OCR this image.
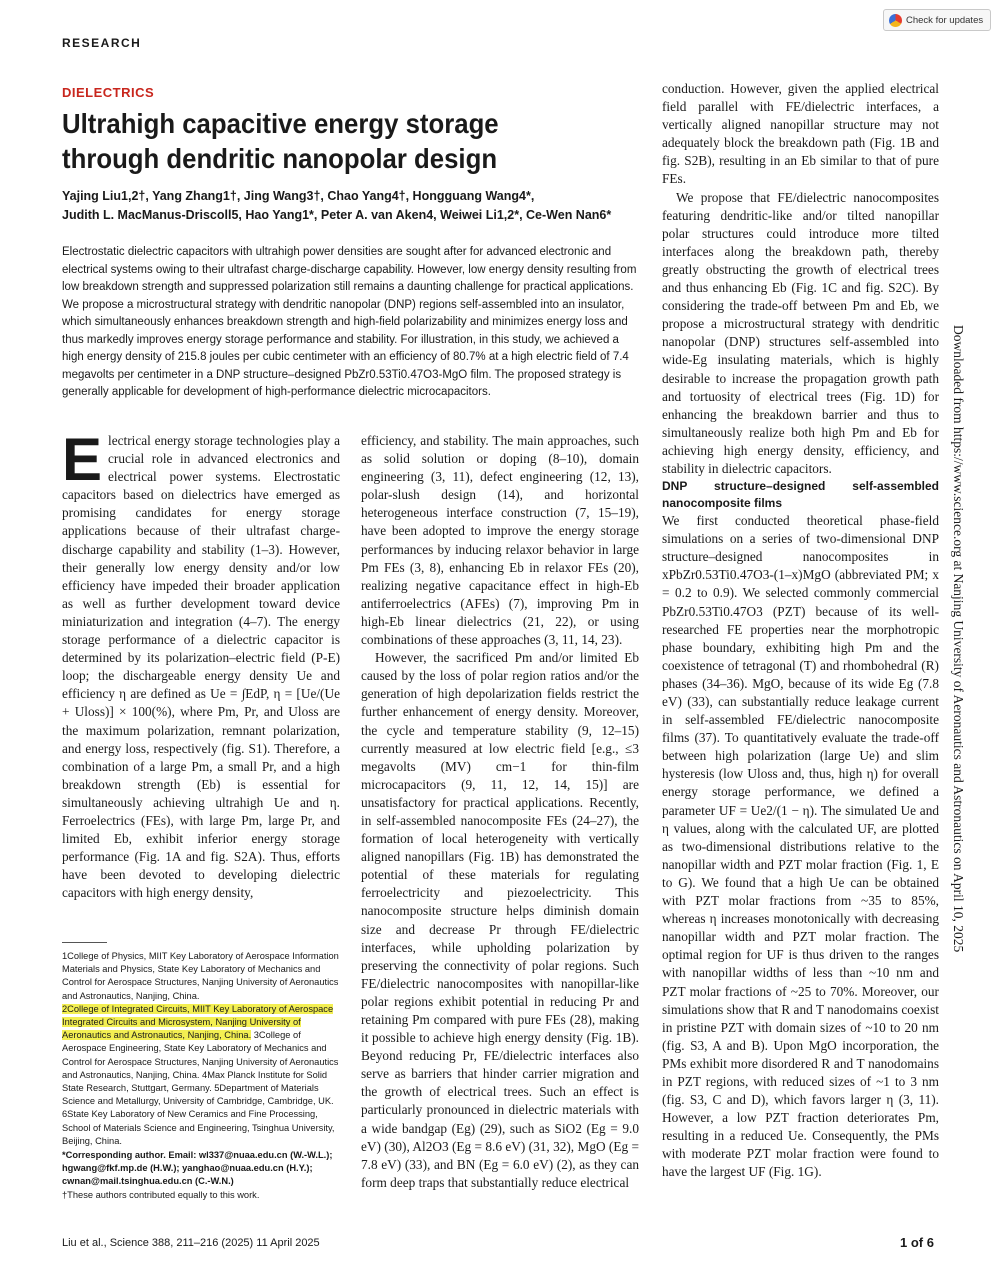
RESEARCH
Check for updates
DIELECTRICS
Ultrahigh capacitive energy storage through dendritic nanopolar design
Yajing Liu1,2†, Yang Zhang1†, Jing Wang3†, Chao Yang4†, Hongguang Wang4*,
Judith L. MacManus-Driscoll5, Hao Yang1*, Peter A. van Aken4, Weiwei Li1,2*, Ce-Wen Nan6*
Electrostatic dielectric capacitors with ultrahigh power densities are sought after for advanced electronic and electrical systems owing to their ultrafast charge-discharge capability. However, low energy density resulting from low breakdown strength and suppressed polarization still remains a daunting challenge for practical applications. We propose a microstructural strategy with dendritic nanopolar (DNP) regions self-assembled into an insulator, which simultaneously enhances breakdown strength and high-field polarizability and minimizes energy loss and thus markedly improves energy storage performance and stability. For illustration, in this study, we achieved a high energy density of 215.8 joules per cubic centimeter with an efficiency of 80.7% at a high electric field of 7.4 megavolts per centimeter in a DNP structure–designed PbZr0.53Ti0.47O3-MgO film. The proposed strategy is generally applicable for development of high-performance dielectric microcapacitors.

Electrical energy storage technologies play a crucial role in advanced electronics and electrical power systems. Electrostatic capacitors based on dielectrics have emerged as promising candidates for energy storage applications because of their ultrafast charge-discharge capability and stability (1–3). However, their generally low energy density and/or low efficiency have impeded their broader application as well as further development toward device miniaturization and integration (4–7). The energy storage performance of a dielectric capacitor is determined by its polarization–electric field (P-E) loop; the dischargeable energy density Ue and efficiency η are defined as Ue = ∫EdP, η = [Ue/(Ue + Uloss)] × 100(%), where Pm, Pr, and Uloss are the maximum polarization, remnant polarization, and energy loss, respectively (fig. S1). Therefore, a combination of a large Pm, a small Pr, and a high breakdown strength (Eb) is essential for simultaneously achieving ultrahigh Ue and η. Ferroelectrics (FEs), with large Pm, large Pr, and limited Eb, exhibit inferior energy storage performance (Fig. 1A and fig. S2A). Thus, efforts have been devoted to developing dielectric capacitors with high energy density,

efficiency, and stability. The main approaches, such as solid solution or doping (8–10), domain engineering (3, 11), defect engineering (12, 13), polar-slush design (14), and horizontal heterogeneous interface construction (7, 15–19), have been adopted to improve the energy storage performances by inducing relaxor behavior in large Pm FEs (3, 8), enhancing Eb in relaxor FEs (20), realizing negative capacitance effect in high-Eb antiferroelectrics (AFEs) (7), improving Pm in high-Eb linear dielectrics (21, 22), or using combinations of these approaches (3, 11, 14, 23).

However, the sacrificed Pm and/or limited Eb caused by the loss of polar region ratios and/or the generation of high depolarization fields restrict the further enhancement of energy density. Moreover, the cycle and temperature stability (9, 12–15) currently measured at low electric field [e.g., ≤3 megavolts (MV) cm−1 for thin-film microcapacitors (9, 11, 12, 14, 15)] are unsatisfactory for practical applications. Recently, in self-assembled nanocomposite FEs (24–27), the formation of local heterogeneity with vertically aligned nanopillars (Fig. 1B) has demonstrated the potential of these materials for regulating ferroelectricity and piezoelectricity. This nanocomposite structure helps diminish domain size and decrease Pr through FE/dielectric interfaces, while upholding polarization by preserving the connectivity of polar regions. Such FE/dielectric nanocomposites with nanopillar-like polar regions exhibit potential in reducing Pr and retaining Pm compared with pure FEs (28), making it possible to achieve high energy density (Fig. 1B). Beyond reducing Pr, FE/dielectric interfaces also serve as barriers that hinder carrier migration and the growth of electrical trees. Such an effect is particularly pronounced in dielectric materials with a wide bandgap (Eg) (29), such as SiO2 (Eg = 9.0 eV) (30), Al2O3 (Eg = 8.6 eV) (31, 32), MgO (Eg = 7.8 eV) (33), and BN (Eg = 6.0 eV) (2), as they can form deep traps that substantially reduce electrical

conduction. However, given the applied electrical field parallel with FE/dielectric interfaces, a vertically aligned nanopillar structure may not adequately block the breakdown path (Fig. 1B and fig. S2B), resulting in an Eb similar to that of pure FEs.

We propose that FE/dielectric nanocomposites featuring dendritic-like and/or tilted nanopillar polar structures could introduce more tilted interfaces along the breakdown path, thereby greatly obstructing the growth of electrical trees and thus enhancing Eb (Fig. 1C and fig. S2C). By considering the trade-off between Pm and Eb, we propose a microstructural strategy with dendritic nanopolar (DNP) structures self-assembled into wide-Eg insulating materials, which is highly desirable to increase the propagation growth path and tortuosity of electrical trees (Fig. 1D) for enhancing the breakdown barrier and thus to simultaneously realize both high Pm and Eb for achieving high energy density, efficiency, and stability in dielectric capacitors.

DNP structure–designed self-assembled nanocomposite films

We first conducted theoretical phase-field simulations on a series of two-dimensional DNP structure–designed nanocomposites in xPbZr0.53Ti0.47O3-(1–x)MgO (abbreviated PM; x = 0.2 to 0.9). We selected commonly commercial PbZr0.53Ti0.47O3 (PZT) because of its well-researched FE properties near the morphotropic phase boundary, exhibiting high Pm and the coexistence of tetragonal (T) and rhombohedral (R) phases (34–36). MgO, because of its wide Eg (7.8 eV) (33), can substantially reduce leakage current in self-assembled FE/dielectric nanocomposite films (37). To quantitatively evaluate the trade-off between high polarization (large Ue) and slim hysteresis (low Uloss and, thus, high η) for overall energy storage performance, we defined a parameter UF = Ue2/(1 − η). The simulated Ue and η values, along with the calculated UF, are plotted as two-dimensional distributions relative to the nanopillar width and PZT molar fraction (Fig. 1, E to G). We found that a high Ue can be obtained with PZT molar fractions from ~35 to 85%, whereas η increases monotonically with decreasing nanopillar width and PZT molar fraction. The optimal region for UF is thus driven to the ranges with nanopillar widths of less than ~10 nm and PZT molar fractions of ~25 to 70%. Moreover, our simulations show that R and T nanodomains coexist in pristine PZT with domain sizes of ~10 to 20 nm (fig. S3, A and B). Upon MgO incorporation, the PMs exhibit more disordered R and T nanodomains in PZT regions, with reduced sizes of ~1 to 3 nm (fig. S3, C and D), which favors larger η (3, 11). However, a low PZT fraction deteriorates Pm, resulting in a reduced Ue. Consequently, the PMs with moderate PZT molar fraction were found to have the largest UF (Fig. 1G).

1College of Physics, MIIT Key Laboratory of Aerospace Information Materials and Physics, State Key Laboratory of Mechanics and Control for Aerospace Structures, Nanjing University of Aeronautics and Astronautics, Nanjing, China.
2College of Integrated Circuits, MIIT Key Laboratory of Aerospace Integrated Circuits and Microsystem, Nanjing University of Aeronautics and Astronautics, Nanjing, China. 3College of Aerospace Engineering, State Key Laboratory of Mechanics and Control for Aerospace Structures, Nanjing University of Aeronautics and Astronautics, Nanjing, China. 4Max Planck Institute for Solid State Research, Stuttgart, Germany. 5Department of Materials Science and Metallurgy, University of Cambridge, Cambridge, UK. 6State Key Laboratory of New Ceramics and Fine Processing, School of Materials Science and Engineering, Tsinghua University, Beijing, China.
*Corresponding author. Email: wl337@nuaa.edu.cn (W.-W.L.); hgwang@fkf.mp.de (H.W.); yanghao@nuaa.edu.cn (H.Y.); cwnan@mail.tsinghua.edu.cn (C.-W.N.)
†These authors contributed equally to this work.
Downloaded from https://www.science.org at Nanjing University of Aeronautics and Astronautics on April 10, 2025
Liu et al., Science 388, 211–216 (2025) 11 April 2025	1 of 6
